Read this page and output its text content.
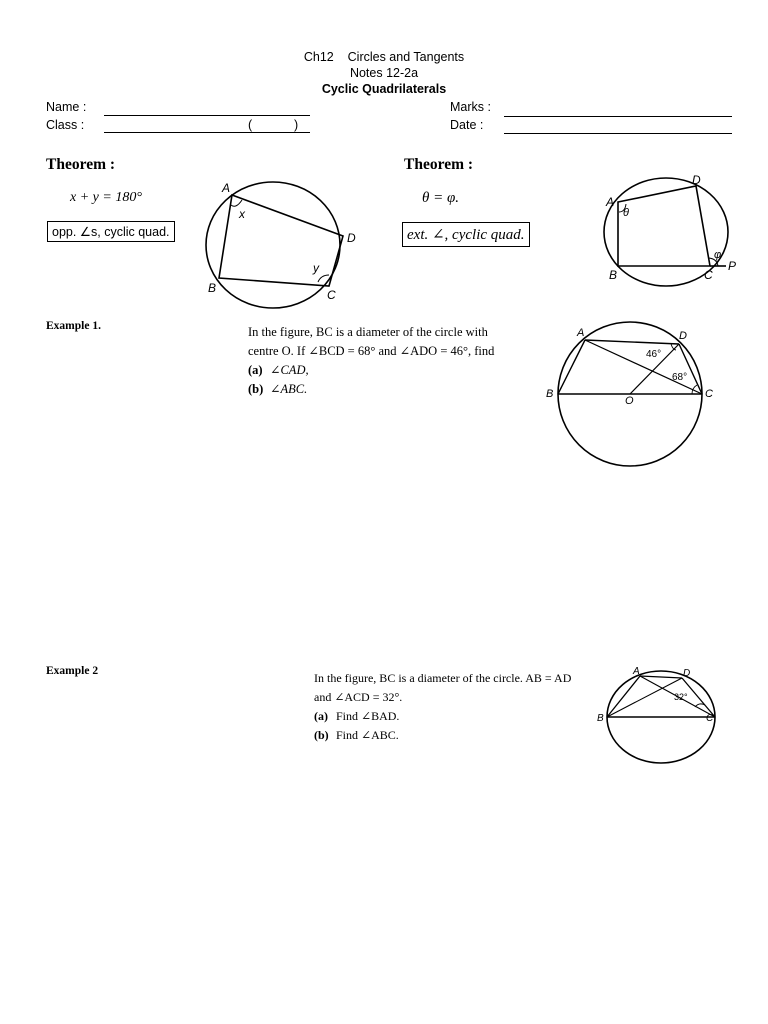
Ch12 Circles and Tangents
Notes 12-2a
Cyclic Quadrilaterals
Name :
Class :	(	)
Marks :
Date :
Theorem :
x + y = 180°
opp. ∠s, cyclic quad.
A
B	C
D
x
y
Theorem :
θ = φ.
ext. ∠, cyclic quad.
A
B	C
D
P
θ
φ
Example 1.	In the figure, BC is a diameter of the circle with
centre O. If ∠BCD = 68° and ∠ADO = 46°, find
(a) ∠CAD,
(b) ∠ABC.
A
B	C
D
O
46°
68°
Example 2	In the figure, BC is a diameter of the circle. AB = AD
and ∠ACD = 32°.
(a) Find ∠BAD.
(b) Find ∠ABC.
A
B	C
D
32°
